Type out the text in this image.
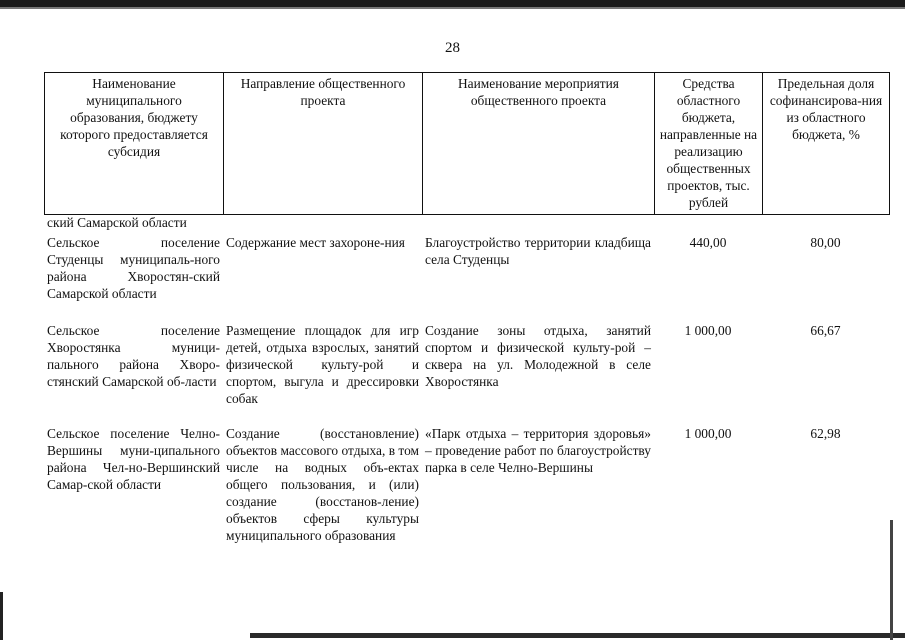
28
Наименование муниципального образования, бюджету которого предоставляется субсидия	Направление общественного проекта	Наименование мероприятия общественного проекта	Средства областного бюджета, направленные на реализацию общественных проектов, тыс. рублей	Предельная доля софинансирова-ния из областного бюджета, %
ский Самарской области				

Сельское поселение Студенцы муниципаль-ного района Хворостян-ский Самарской области	Содержание мест захороне-ния	Благоустройство территории кладбища села Студенцы	440,00	80,00

Сельское поселение Хворостянка муници-пального района Хворо-стянский Самарской об-ласти	Размещение площадок для игр детей, отдыха взрослых, занятий физической культу-рой и спортом, выгула и дрессировки собак	Создание зоны отдыха, занятий спортом и физической культу-рой – сквера на ул. Молодежной в селе Хворостянка	1 000,00	66,67

Сельское поселение Челно-Вершины муни-ципального района Чел-но-Вершинский Самар-ской области	Создание (восстановление) объектов массового отдыха, в том числе на водных объ-ектах общего пользования, и (или) создание (восстанов-ление) объектов сферы культуры муниципального образования	«Парк отдыха – территория здоровья» – проведение работ по благоустройству парка в селе Челно-Вершины	1 000,00	62,98
